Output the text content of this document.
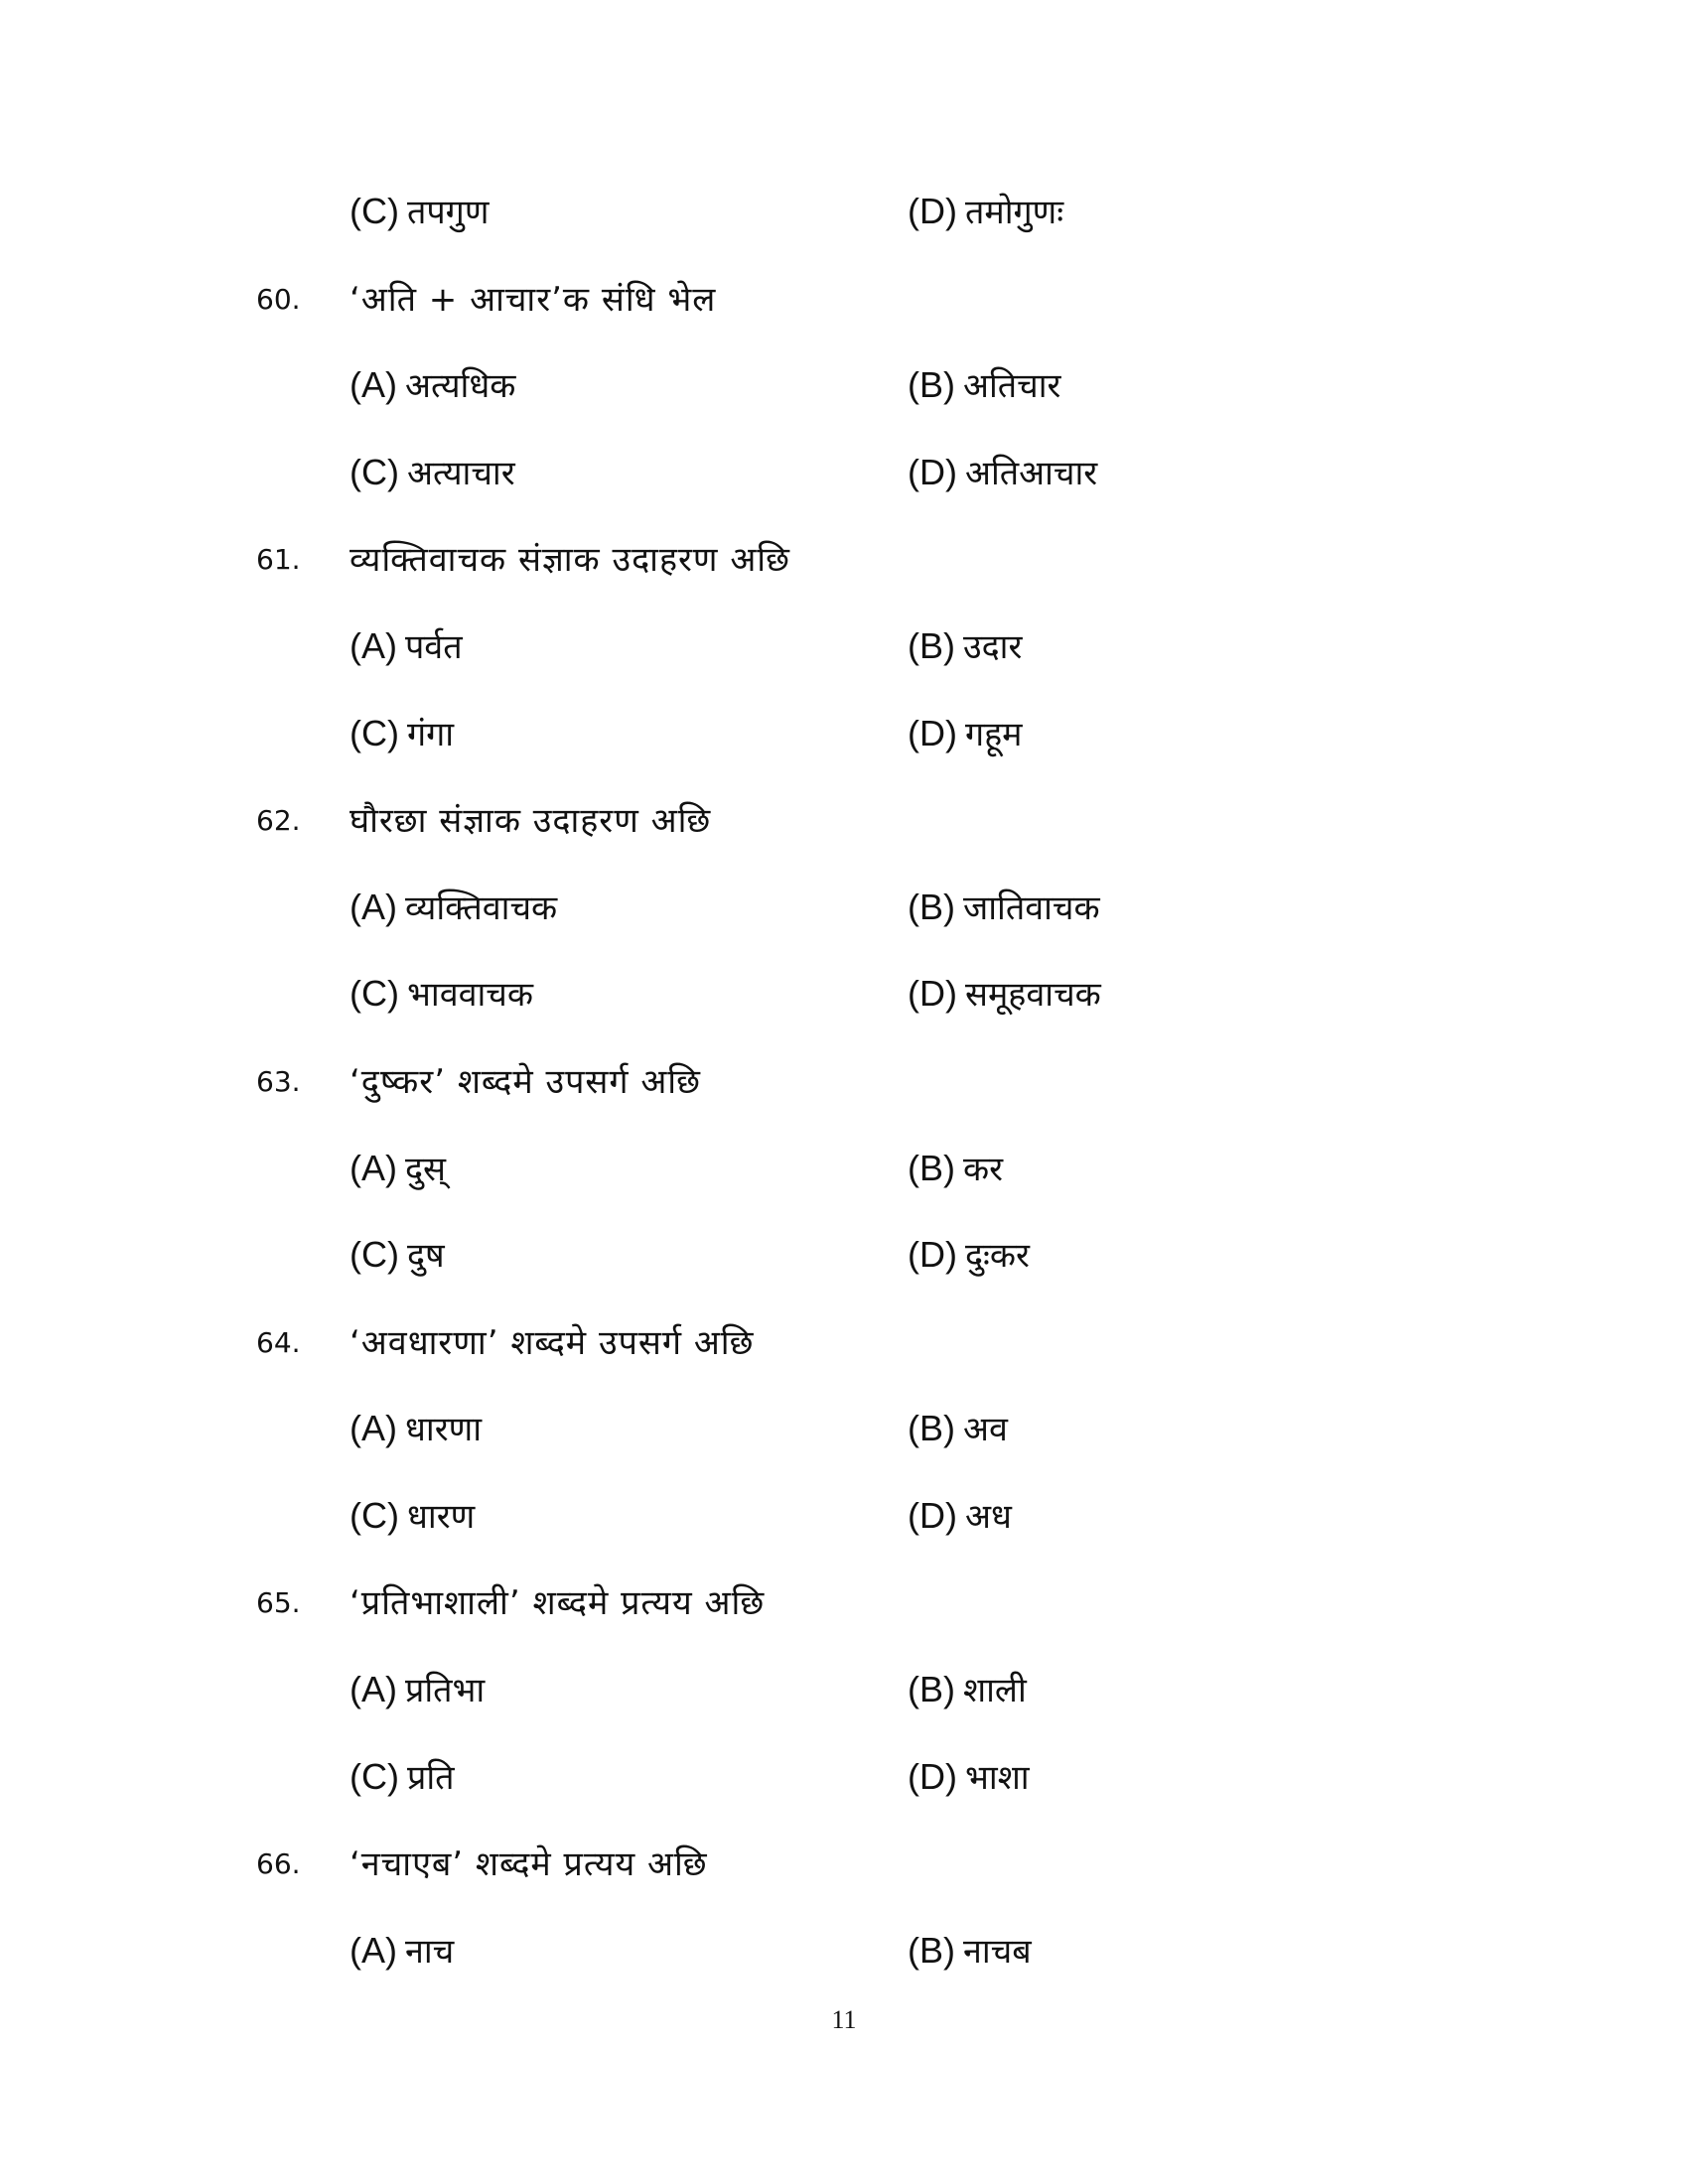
(C) तपगुण	(D) तमोगुणः
60. ‘अति + आचार’क संधि भेल
(A) अत्यधिक	(B) अतिचार
(C) अत्याचार	(D) अतिआचार
61. व्यक्तिवाचक संज्ञाक उदाहरण अछि
(A) पर्वत	(B) उदार
(C) गंगा	(D) गहूम
62. घौरछा संज्ञाक उदाहरण अछि
(A) व्यक्तिवाचक	(B) जातिवाचक
(C) भाववाचक	(D) समूहवाचक
63. ‘दुष्कर’ शब्दमे उपसर्ग अछि
(A) दुस्	(B) कर
(C) दुष	(D) दुःकर
64. ‘अवधारणा’ शब्दमे उपसर्ग अछि
(A) धारणा	(B) अव
(C) धारण	(D) अध
65. ‘प्रतिभाशाली’ शब्दमे प्रत्यय अछि
(A) प्रतिभा	(B) शाली
(C) प्रति	(D) भाशा
66. ‘नचाएब’ शब्दमे प्रत्यय अछि
(A) नाच	(B) नाचब
11
